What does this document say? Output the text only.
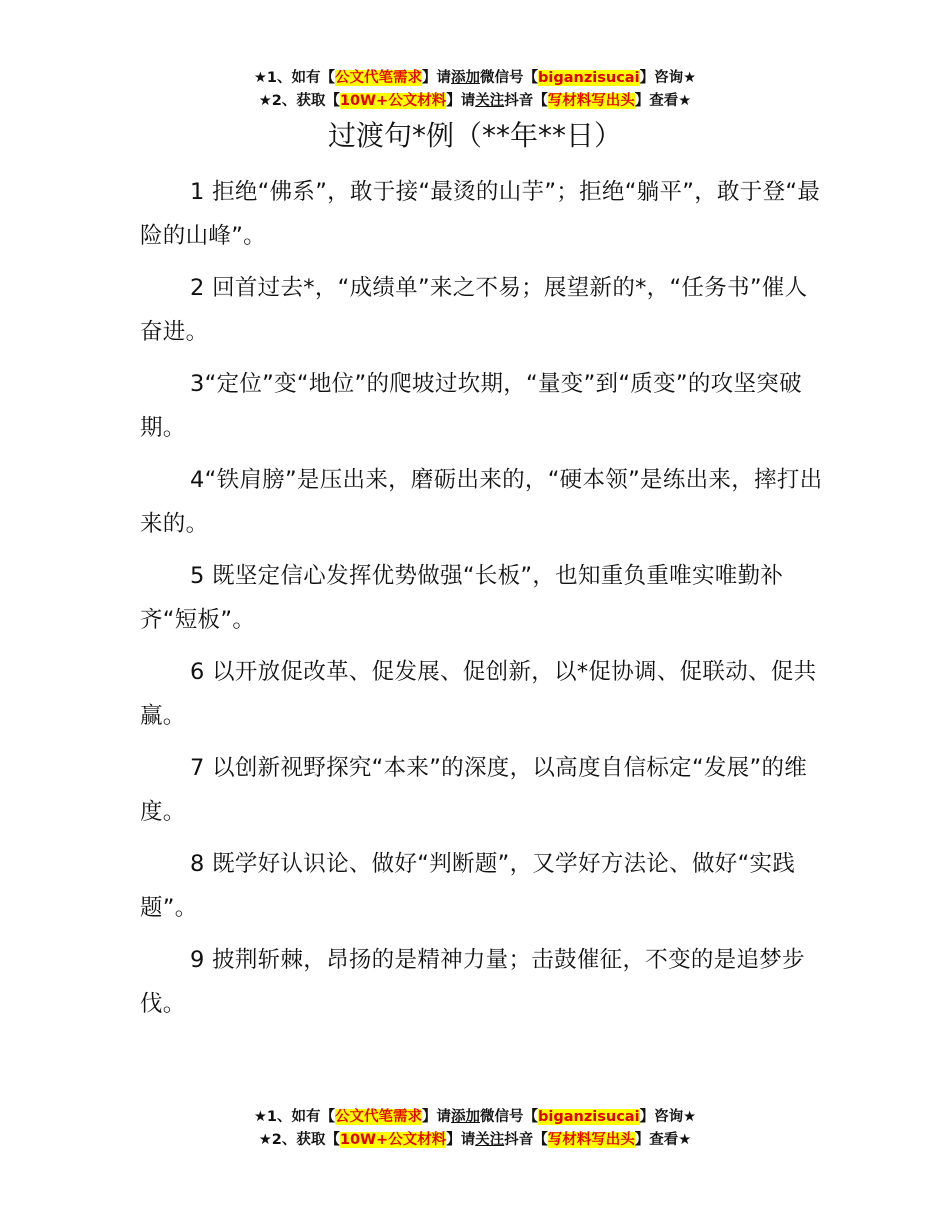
★1、如有【公文代笔需求】请添加微信号【biganzisucai】咨询★
★2、获取【10W+公文材料】请关注抖音【写材料写出头】查看★
过渡句*例（**年**日）

1 拒绝“佛系”，敢于接“最烫的山芋”；拒绝“躺平”，敢于登“最险的山峰”。

2 回首过去*，“成绩单”来之不易；展望新的*，“任务书”催人奋进。

3“定位”变“地位”的爬坡过坎期，“量变”到“质变”的攻坚突破期。

4“铁肩膀”是压出来，磨砺出来的，“硬本领”是练出来，摔打出来的。

5 既坚定信心发挥优势做强“长板”，也知重负重唯实唯勤补齐“短板”。

6 以开放促改革、促发展、促创新，以*促协调、促联动、促共赢。

7 以创新视野探究“本来”的深度，以高度自信标定“发展”的维度。

8 既学好认识论、做好“判断题”，又学好方法论、做好“实践题”。

9 披荆斩棘，昂扬的是精神力量；击鼓催征，不变的是追梦步伐。

★1、如有【公文代笔需求】请添加微信号【biganzisucai】咨询★
★2、获取【10W+公文材料】请关注抖音【写材料写出头】查看★
